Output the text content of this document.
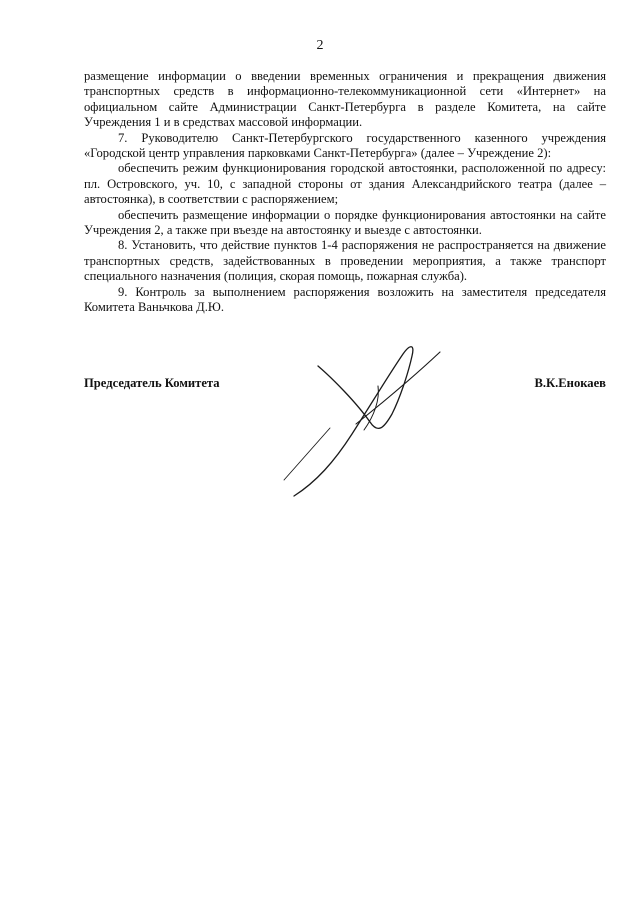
2

размещение информации о введении временных ограничения и прекращения движения транспортных средств в информационно-телекоммуникационной сети «Интернет» на официальном сайте Администрации Санкт-Петербурга в разделе Комитета, на сайте Учреждения 1 и в средствах массовой информации.

7. Руководителю Санкт-Петербургского государственного казенного учреждения «Городской центр управления парковками Санкт-Петербурга» (далее – Учреждение 2):

обеспечить режим функционирования городской автостоянки, расположенной по адресу: пл. Островского, уч. 10, с западной стороны от здания Александрийского театра (далее – автостоянка), в соответствии с распоряжением;

обеспечить размещение информации о порядке функционирования автостоянки на сайте Учреждения 2, а также при въезде на автостоянку и выезде с автостоянки.

8. Установить, что действие пунктов 1-4 распоряжения не распространяется на движение транспортных средств, задействованных в проведении мероприятия, а также транспорт специального назначения (полиция, скорая помощь, пожарная служба).

9. Контроль за выполнением распоряжения возложить на заместителя председателя Комитета Ваньчкова Д.Ю.

Председатель Комитета	В.К.Енокаев
